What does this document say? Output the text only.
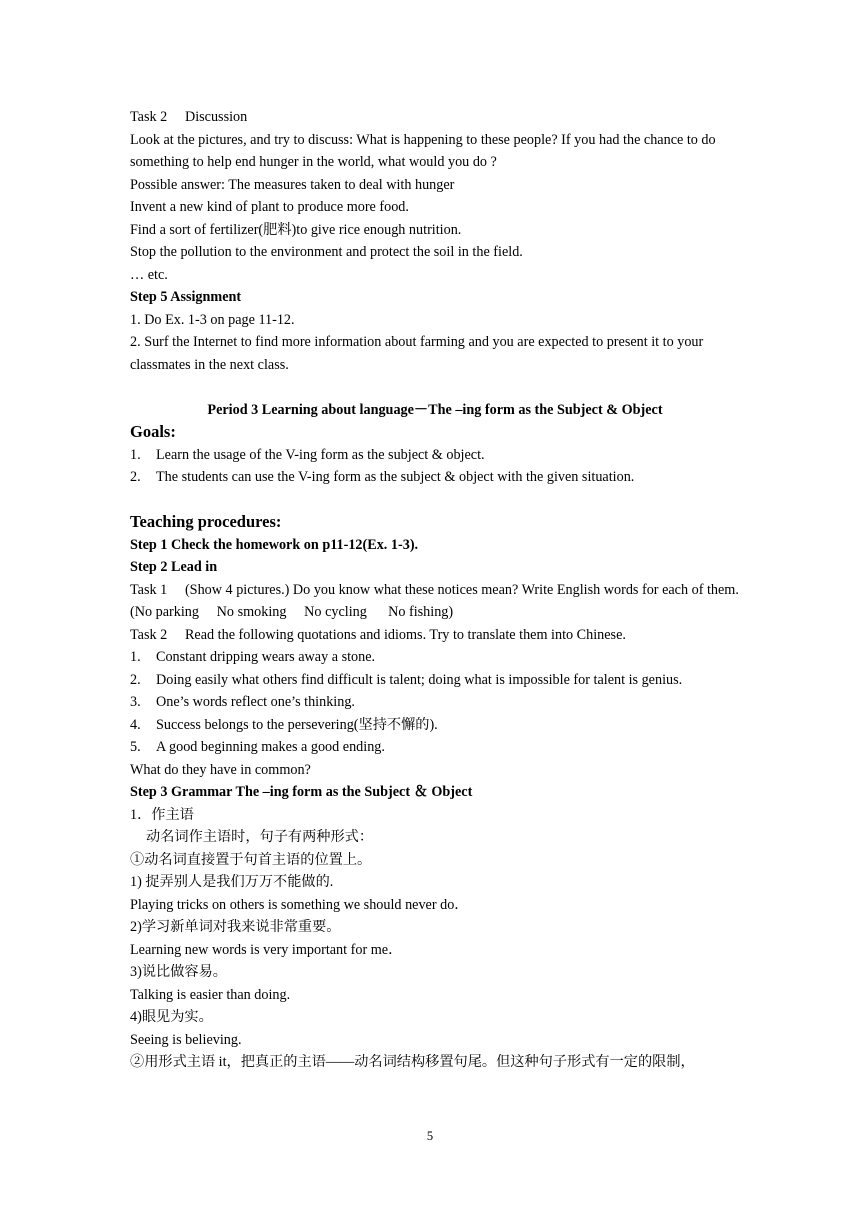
Task 2  Discussion
Look at the pictures, and try to discuss: What is happening to these people? If you had the chance to do something to help end hunger in the world, what would you do ?
Possible answer: The measures taken to deal with hunger
Invent a new kind of plant to produce more food.
Find a sort of fertilizer(肥料)to give rice enough nutrition.
Stop the pollution to the environment and protect the soil in the field.
… etc.
Step 5 Assignment
1. Do Ex. 1-3 on page 11-12.
2. Surf the Internet to find more information about farming and you are expected to present it to your classmates in the next class.
Period 3 Learning about language－The –ing form as the Subject & Object
Goals:
1. Learn the usage of the V-ing form as the subject & object.
2. The students can use the V-ing form as the subject & object with the given situation.
Teaching procedures:
Step 1 Check the homework on p11-12(Ex. 1-3).
Step 2 Lead in
Task 1  (Show 4 pictures.) Do you know what these notices mean? Write English words for each of them.
(No parking  No smoking  No cycling   No fishing)
Task 2  Read the following quotations and idioms. Try to translate them into Chinese.
1. Constant dripping wears away a stone.
2. Doing easily what others find difficult is talent; doing what is impossible for talent is genius.
3. One’s words reflect one’s thinking.
4. Success belongs to the persevering(坚持不懈的).
5. A good beginning makes a good ending.
What do they have in common?
Step 3 Grammar The –ing form as the Subject ＆ Object
1．作主语
动名词作主语时，句子有两种形式：
①动名词直接置于句首主语的位置上。
1) 捉弄别人是我们万万不能做的.
Playing tricks on others is something we should never do．
2)学习新单词对我来说非常重要。
Learning new words is very important for me．
3)说比做容易。
Talking is easier than doing.
4)眼见为实。
Seeing is believing.
②用形式主语 it，把真正的主语——动名词结构移置句尾。但这种句子形式有一定的限制，
5
